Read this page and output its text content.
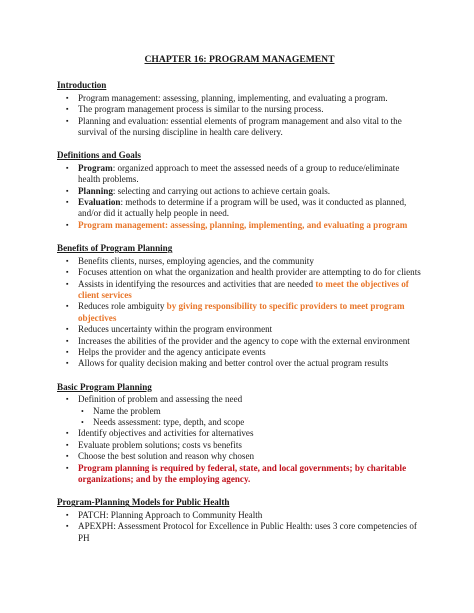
CHAPTER 16: PROGRAM MANAGEMENT
Introduction
▪ Program management: assessing, planning, implementing, and evaluating a program.
▪ The program management process is similar to the nursing process.
▪ Planning and evaluation: essential elements of program management and also vital to the survival of the nursing discipline in health care delivery.
Definitions and Goals
▪ Program: organized approach to meet the assessed needs of a group to reduce/eliminate health problems.
▪ Planning: selecting and carrying out actions to achieve certain goals.
▪ Evaluation: methods to determine if a program will be used, was it conducted as planned, and/or did it actually help people in need.
▪ Program management: assessing, planning, implementing, and evaluating a program
Benefits of Program Planning
▪ Benefits clients, nurses, employing agencies, and the community
▪ Focuses attention on what the organization and health provider are attempting to do for clients
▪ Assists in identifying the resources and activities that are needed to meet the objectives of client services
▪ Reduces role ambiguity by giving responsibility to specific providers to meet program objectives
▪ Reduces uncertainty within the program environment
▪ Increases the abilities of the provider and the agency to cope with the external environment
▪ Helps the provider and the agency anticipate events
▪ Allows for quality decision making and better control over the actual program results
Basic Program Planning
▪ Definition of problem and assessing the need
• Name the problem
• Needs assessment: type, depth, and scope
▪ Identify objectives and activities for alternatives
▪ Evaluate problem solutions; costs vs benefits
▪ Choose the best solution and reason why chosen
▪ Program planning is required by federal, state, and local governments; by charitable organizations; and by the employing agency.
Program-Planning Models for Public Health
▪ PATCH: Planning Approach to Community Health
▪ APEXPH: Assessment Protocol for Excellence in Public Health: uses 3 core competencies of PH
